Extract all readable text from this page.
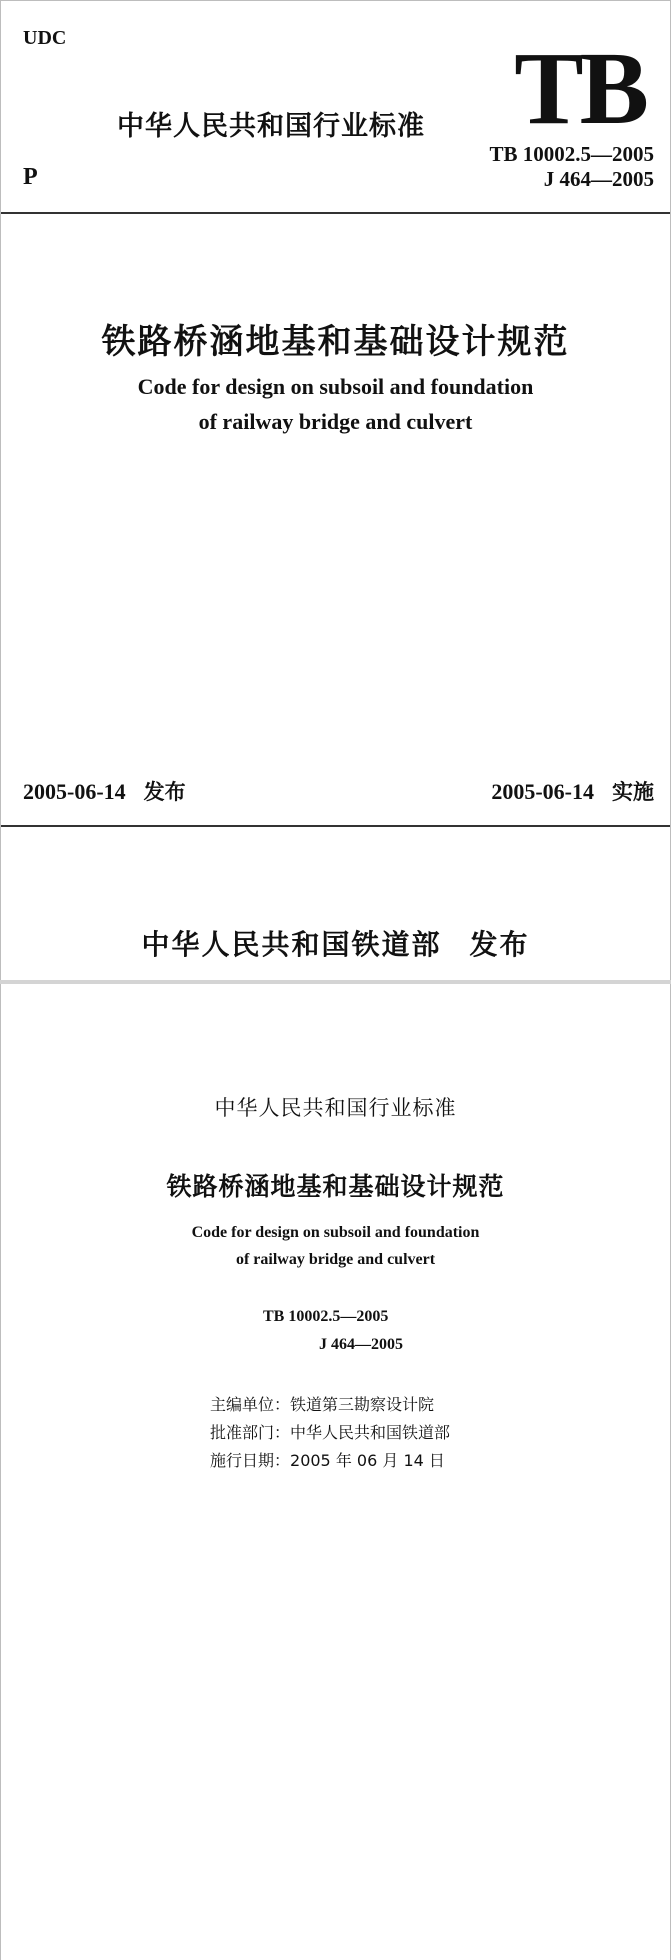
UDC
中华人民共和国行业标准 TB
P
TB 10002.5—2005
J 464—2005
铁路桥涵地基和基础设计规范
Code for design on subsoil and foundation
of railway bridge and culvert
2005-06-14 发布	2005-06-14 实施
中华人民共和国铁道部 发布
中华人民共和国行业标准
铁路桥涵地基和基础设计规范
Code for design on subsoil and foundation
of railway bridge and culvert
TB 10002.5—2005
J 464—2005
主编单位：铁道第三勘察设计院
批准部门：中华人民共和国铁道部
施行日期：2005 年 06 月 14 日
